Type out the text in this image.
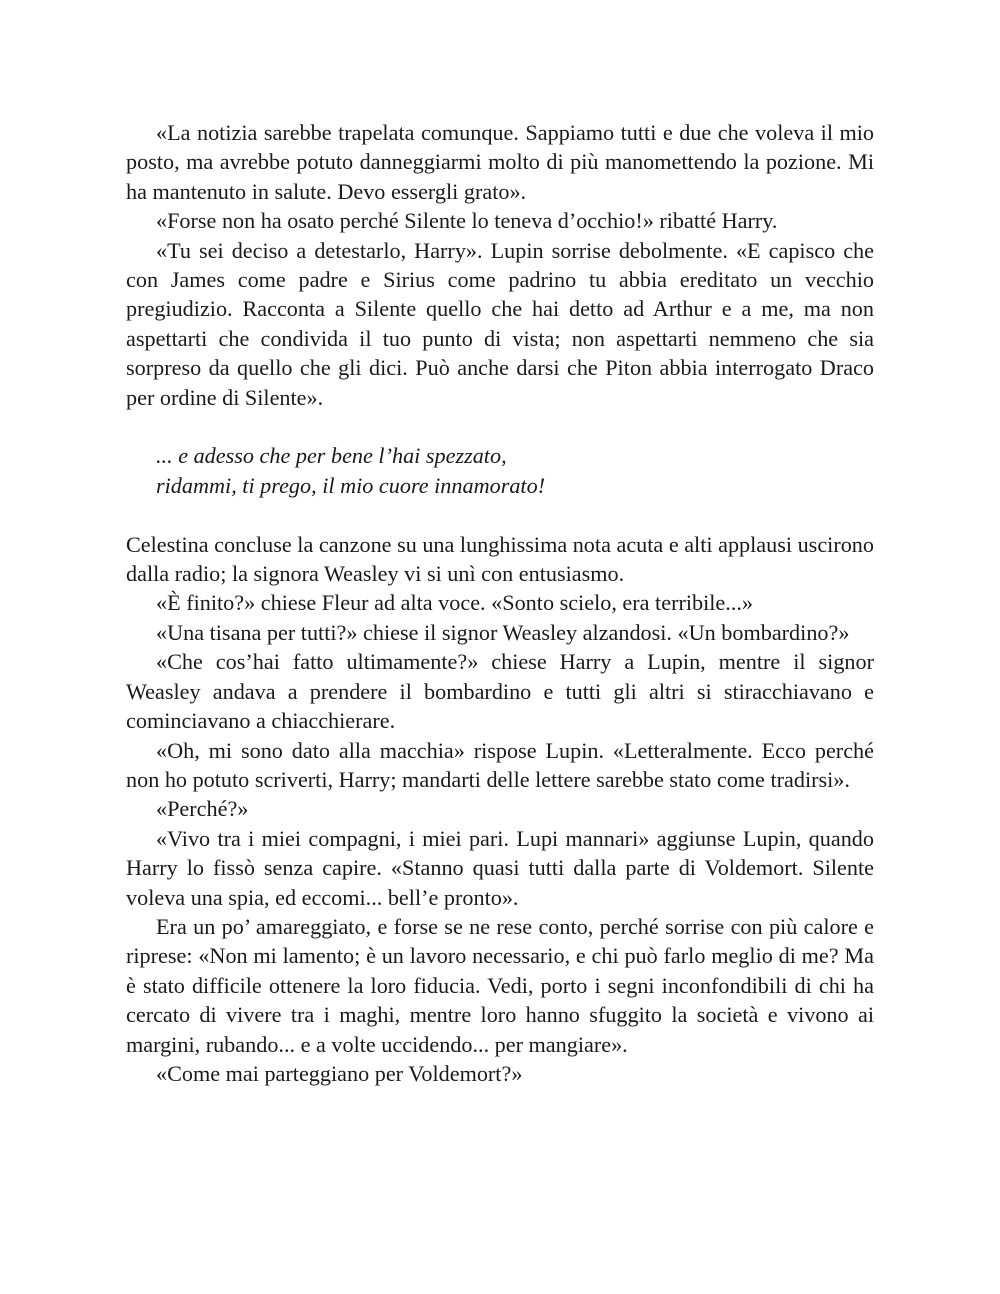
«La notizia sarebbe trapelata comunque. Sappiamo tutti e due che voleva il mio posto, ma avrebbe potuto danneggiarmi molto di più manomettendo la pozione. Mi ha mantenuto in salute. Devo essergli grato».

«Forse non ha osato perché Silente lo teneva d’occhio!» ribatté Harry.

«Tu sei deciso a detestarlo, Harry». Lupin sorrise debolmente. «E capisco che con James come padre e Sirius come padrino tu abbia ereditato un vecchio pregiudizio. Racconta a Silente quello che hai detto ad Arthur e a me, ma non aspettarti che condivida il tuo punto di vista; non aspettarti nemmeno che sia sorpreso da quello che gli dici. Può anche darsi che Piton abbia interrogato Draco per ordine di Silente».

... e adesso che per bene l’hai spezzato,
ridammi, ti prego, il mio cuore innamorato!

Celestina concluse la canzone su una lunghissima nota acuta e alti applausi uscirono dalla radio; la signora Weasley vi si unì con entusiasmo.

«È finito?» chiese Fleur ad alta voce. «Sonto scielo, era terribile...»

«Una tisana per tutti?» chiese il signor Weasley alzandosi. «Un bombardino?»

«Che cos’hai fatto ultimamente?» chiese Harry a Lupin, mentre il signor Weasley andava a prendere il bombardino e tutti gli altri si stiracchiavano e cominciavano a chiacchierare.

«Oh, mi sono dato alla macchia» rispose Lupin. «Letteralmente. Ecco perché non ho potuto scriverti, Harry; mandarti delle lettere sarebbe stato come tradirsi».

«Perché?»

«Vivo tra i miei compagni, i miei pari. Lupi mannari» aggiunse Lupin, quando Harry lo fissò senza capire. «Stanno quasi tutti dalla parte di Voldemort. Silente voleva una spia, ed eccomi... bell’e pronto».

Era un po’ amareggiato, e forse se ne rese conto, perché sorrise con più calore e riprese: «Non mi lamento; è un lavoro necessario, e chi può farlo meglio di me? Ma è stato difficile ottenere la loro fiducia. Vedi, porto i segni inconfondibili di chi ha cercato di vivere tra i maghi, mentre loro hanno sfuggito la società e vivono ai margini, rubando... e a volte uccidendo... per mangiare».

«Come mai parteggiano per Voldemort?»
